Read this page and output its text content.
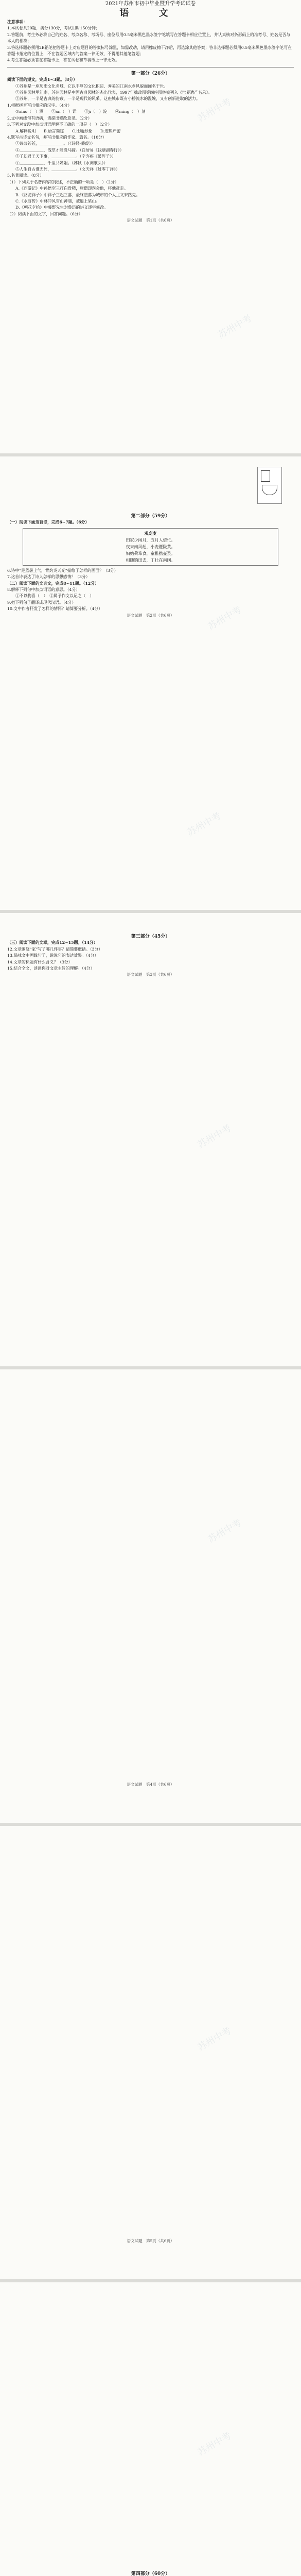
2021年苏州市初中毕业暨升学考试试卷

语 文

注意事项：

1.本试卷共20题，满分130分，考试用时150分钟；

2.答题前，考生务必将自己的姓名、考点名称、考场号、座位号用0.5毫米黑色墨水签字笔填写在答题卡相应位置上，并认真核对条形码上的准考号、姓名是否与本人的相符；

3.答选择题必须用2B铅笔把答题卡上对应题目的答案标号涂黑，如需改动，请用橡皮擦干净后，再选涂其他答案；答非选择题必须用0.5毫米黑色墨水签字笔写在答题卡指定的位置上，不在答题区域内的答案一律无效，不得用其他笔答题；

4.考生答题必须答在答题卡上，答在试卷和草稿纸上一律无效。

第一部分（26分）

阅读下面的短文，完成1~3题。（8分）

①苏州是一座历史文化名城，它以丰厚的文化积淀、秀美的江南水乡风貌而闻名于世。

②苏州园林甲江南，苏州园林是中国古典园林的杰出代表，1997年拙政园等四座园林被列入《世界遗产名录》。

③苏州，一半是古典的韵致，一半是现代的风采。这座城市既有小桥流水的温婉，又有创新进取的活力。

1.根据拼音写出相应的汉字。（4分）

①xiāo（　）洒　　②ān（　）详　　③jī（　）淀　　④míng（　）刻

2.文中画线句有语病，请提出修改意见。（2分）

3.下列对文段中加点词语理解不正确的一项是（　）（2分）

A.解释说明　　B.语言简练　　C.比喻形象　　D.逻辑严密

4.默写古诗文名句，并写出相应的作家、篇名。（10分）

①蒹葭苍苍，＿＿＿＿＿＿。（《诗经·蒹葭》）

②＿＿＿＿＿＿，浅草才能没马蹄。（白居易《钱塘湖春行》）

③了却君王天下事，＿＿＿＿＿＿。（辛弃疾《破阵子》）

④＿＿＿＿＿＿，千里共婵娟。（苏轼《水调歌头》）

⑤人生自古谁无死，＿＿＿＿＿＿。（文天祥《过零丁洋》）

5.名著阅读。（8分）

（1）下列关于名著内容的表述，不正确的一项是（　）（2分）

A.《西游记》中孙悟空三打白骨精，唐僧却误会他，将他赶走。

B.《骆驼祥子》中祥子三起三落，最终堕落为城市的个人主义末路鬼。

C.《水浒传》中林冲风雪山神庙，被逼上梁山。

D.《朝花夕拾》中藤野先生对鲁迅的讲义逐字修改。

（2）阅读下面的文字，回答问题。（6分）

语文试题　第1页（共6页）

苏州中考
苏州中考

第二部分（59分）

（一）阅读下面这首诗，完成6~7题。（6分）

观刈麦

田家少闲月，五月人倍忙。

夜来南风起，小麦覆陇黄。

妇姑荷箪食，童稚携壶浆。

相随饷田去，丁壮在南冈。

6.诗中“足蒸暑土气，背灼炎天光”描绘了怎样的画面？（3分）

7.这首诗表达了诗人怎样的思想感情？（3分）

（二）阅读下面的文言文，完成8~11题。（12分）

8.解释下列句中加点词语的意思。（4分）

①不以物喜（　）　②属予作文以记之（　）

9.把下列句子翻译成现代汉语。（4分）

10.文中作者抒发了怎样的情怀？请简要分析。（4分）

语文试题　第2页（共6页）	苏州中考
苏州中考

第三部分（45分）

（三）阅读下面的文章，完成12~15题。（14分）

12.文章围绕“家”写了哪几件事？请简要概括。（3分）

13.品味文中画线句子，说说它的表达效果。（4分）

14.文章的标题有什么含义？（3分）

15.结合全文，谈谈你对文章主旨的理解。（4分）

语文试题　第3页（共6页）

苏州中考

语文试题　第4页（共6页）

苏州中考

语文试题　第5页（共6页）

苏州中考

第四部分（60分）

苏州中考
